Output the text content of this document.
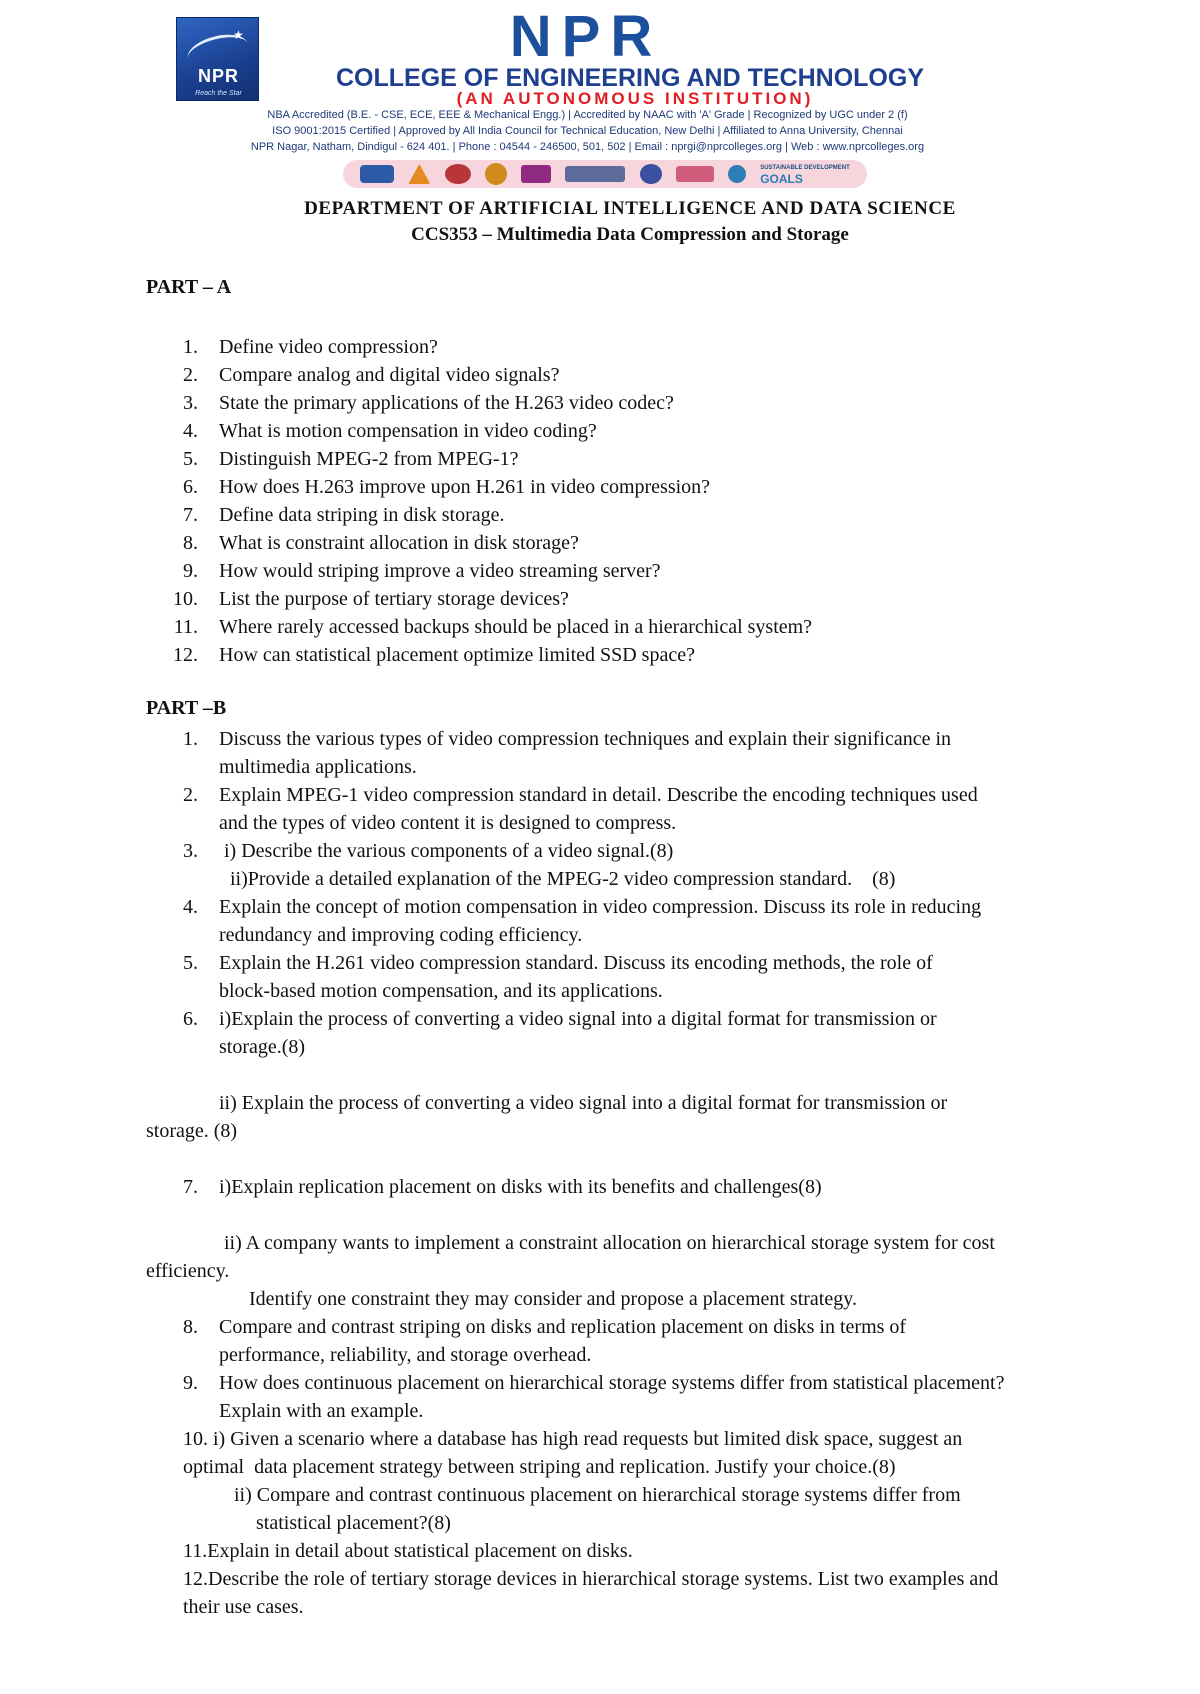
★
NPR
Reach the Star
NPR
COLLEGE OF ENGINEERING AND TECHNOLOGY
(AN AUTONOMOUS INSTITUTION)
NBA Accredited (B.E. - CSE, ECE, EEE & Mechanical Engg.) | Accredited by NAAC with 'A' Grade | Recognized by UGC under 2 (f)
ISO 9001:2015 Certified | Approved by All India Council for Technical Education, New Delhi | Affiliated to Anna University, Chennai
NPR Nagar, Natham, Dindigul - 624 401. | Phone : 04544 - 246500, 501, 502 | Email : nprgi@nprcolleges.org | Web : www.nprcolleges.org
SUSTAINABLE DEVELOPMENT
GOALS
DEPARTMENT OF ARTIFICIAL INTELLIGENCE AND DATA SCIENCE
CCS353 – Multimedia Data Compression and Storage
PART – A
1. Define video compression?
2. Compare analog and digital video signals?
3. State the primary applications of the H.263 video codec?
4. What is motion compensation in video coding?
5. Distinguish MPEG-2 from MPEG-1?
6. How does H.263 improve upon H.261 in video compression?
7. Define data striping in disk storage.
8. What is constraint allocation in disk storage?
9. How would striping improve a video streaming server?
10. List the purpose of tertiary storage devices?
11. Where rarely accessed backups should be placed in a hierarchical system?
12. How can statistical placement optimize limited SSD space?
PART –B
1. Discuss the various types of video compression techniques and explain their significance in
multimedia applications.
2. Explain MPEG-1 video compression standard in detail. Describe the encoding techniques used
and the types of video content it is designed to compress.
3. i) Describe the various components of a video signal.(8)
ii)Provide a detailed explanation of the MPEG-2 video compression standard.    (8)
4. Explain the concept of motion compensation in video compression. Discuss its role in reducing
redundancy and improving coding efficiency.
5. Explain the H.261 video compression standard. Discuss its encoding methods, the role of
block-based motion compensation, and its applications.
6. i)Explain the process of converting a video signal into a digital format for transmission or
storage.(8)
ii) Explain the process of converting a video signal into a digital format for transmission or
storage. (8)
7. i)Explain replication placement on disks with its benefits and challenges(8)
ii) A company wants to implement a constraint allocation on hierarchical storage system for cost
efficiency.
Identify one constraint they may consider and propose a placement strategy.
8. Compare and contrast striping on disks and replication placement on disks in terms of
performance, reliability, and storage overhead.
9. How does continuous placement on hierarchical storage systems differ from statistical placement?
Explain with an example.
10. i) Given a scenario where a database has high read requests but limited disk space, suggest an
optimal  data placement strategy between striping and replication. Justify your choice.(8)
ii) Compare and contrast continuous placement on hierarchical storage systems differ from
statistical placement?(8)
11.Explain in detail about statistical placement on disks.
12.Describe the role of tertiary storage devices in hierarchical storage systems. List two examples and
their use cases.
